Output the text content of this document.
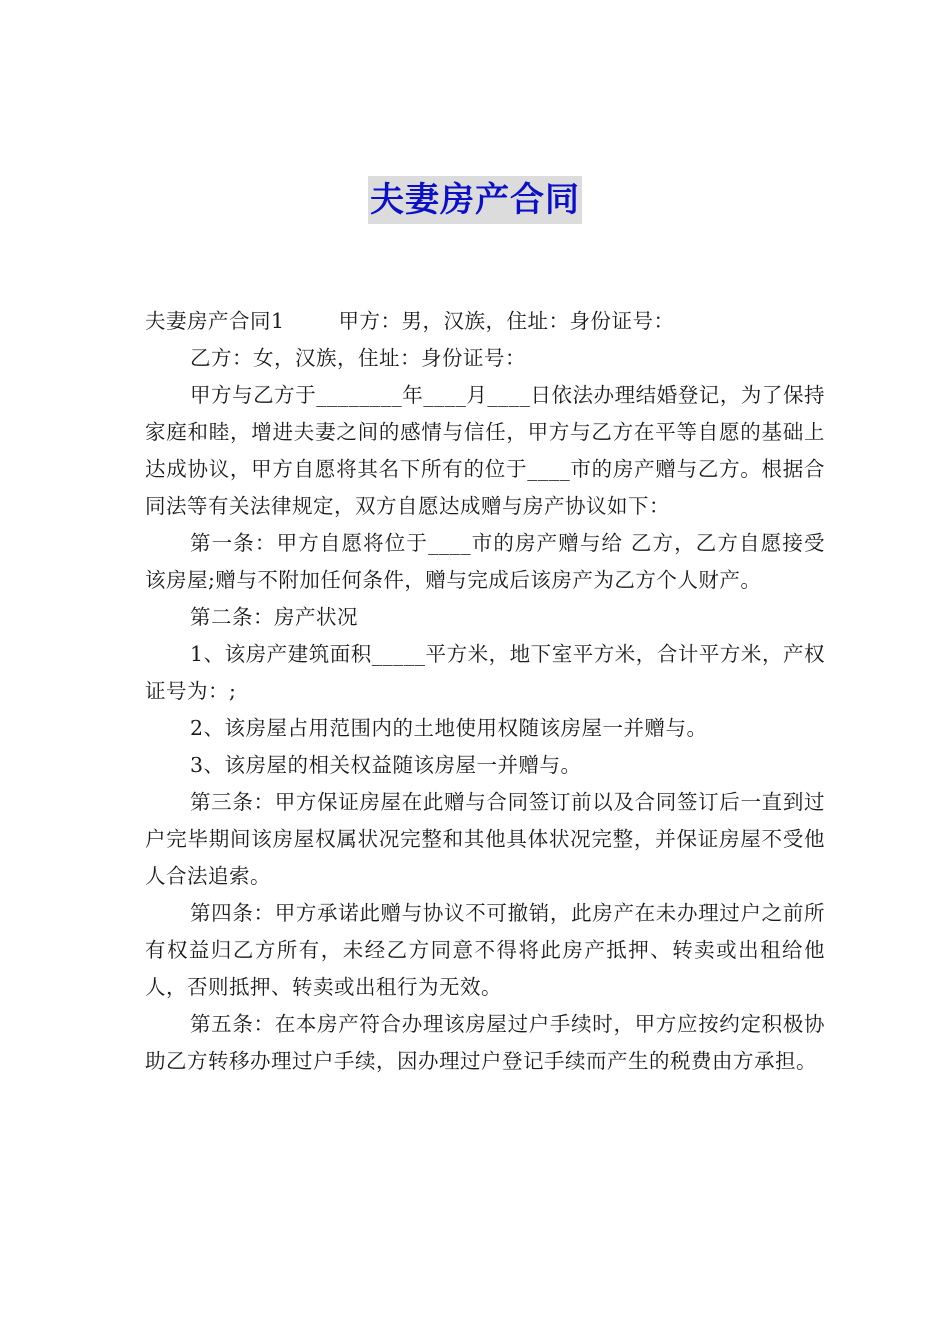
夫妻房产合同

夫妻房产合同1	甲方：男，汉族，住址：身份证号：

乙方：女，汉族，住址：身份证号：

甲方与乙方于________年____月____日依法办理结婚登记，为了保持家庭和睦，增进夫妻之间的感情与信任，甲方与乙方在平等自愿的基础上达成协议，甲方自愿将其名下所有的位于____市的房产赠与乙方。根据合同法等有关法律规定，双方自愿达成赠与房产协议如下：

第一条：甲方自愿将位于____市的房产赠与给 乙方，乙方自愿接受该房屋;赠与不附加任何条件，赠与完成后该房产为乙方个人财产。

第二条：房产状况

1、该房产建筑面积_____平方米，地下室平方米，合计平方米，产权证号为：;

2、该房屋占用范围内的土地使用权随该房屋一并赠与。

3、该房屋的相关权益随该房屋一并赠与。

第三条：甲方保证房屋在此赠与合同签订前以及合同签订后一直到过户完毕期间该房屋权属状况完整和其他具体状况完整，并保证房屋不受他人合法追索。

第四条：甲方承诺此赠与协议不可撤销，此房产在未办理过户之前所有权益归乙方所有，未经乙方同意不得将此房产抵押、转卖或出租给他人，否则抵押、转卖或出租行为无效。

第五条：在本房产符合办理该房屋过户手续时，甲方应按约定积极协助乙方转移办理过户手续，因办理过户登记手续而产生的税费由方承担。
